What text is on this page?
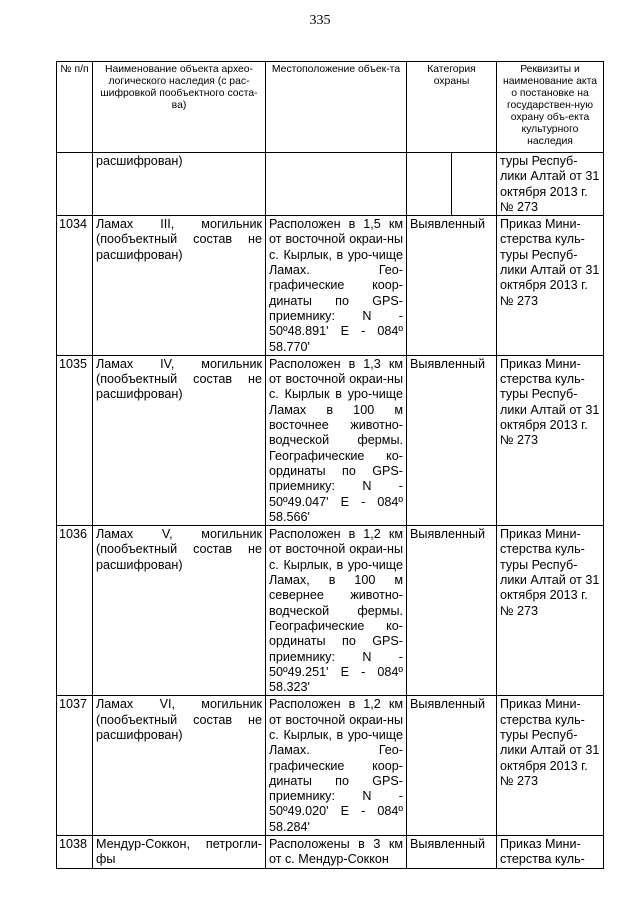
335
№ п/п	Наименование объекта архео-логического наследия (с рас-шифровкой пообъектного соста-ва)	Местоположение объек-та	Категория охраны	Реквизиты и наименование акта о постановке на государствен-ную охрану объ-екта культурного наследия
	расшифрован)			туры Респуб-лики Алтай от 31 октября 2013 г. № 273
1034	Ламах III, могильник (пообъектный состав не расшифрован)	Расположен в 1,5 км от восточной окраи-ны с. Кырлык, в уро-чище Ламах. Гео-графические коор-динаты по GPS-приемнику: N - 50º48.891' E - 084º 58.770'	Выявленный	Приказ Мини-стерства куль-туры Респуб-лики Алтай от 31 октября 2013 г. № 273
1035	Ламах IV, могильник (пообъектный состав не расшифрован)	Расположен в 1,3 км от восточной окраи-ны с. Кырлык в уро-чище Ламах в 100 м восточнее животно-водческой фермы. Географические ко-ординаты по GPS-приемнику: N - 50º49.047' E - 084º 58.566'	Выявленный	Приказ Мини-стерства куль-туры Респуб-лики Алтай от 31 октября 2013 г. № 273
1036	Ламах V, могильник (пообъектный состав не расшифрован)	Расположен в 1,2 км от восточной окраи-ны с. Кырлык, в уро-чище Ламах, в 100 м севернее животно-водческой фермы. Географические ко-ординаты по GPS-приемнику: N - 50º49.251' E - 084º 58.323'	Выявленный	Приказ Мини-стерства куль-туры Респуб-лики Алтай от 31 октября 2013 г. № 273
1037	Ламах VI, могильник (пообъектный состав не расшифрован)	Расположен в 1,2 км от восточной окраи-ны с. Кырлык, в уро-чище Ламах. Гео-графические коор-динаты по GPS-приемнику: N - 50º49.020' E - 084º 58.284'	Выявленный	Приказ Мини-стерства куль-туры Респуб-лики Алтай от 31 октября 2013 г. № 273
1038	Мендур-Соккон, петрогли-фы	Расположены в 3 км от с. Мендур-Соккон	Выявленный	Приказ Мини-стерства куль-
